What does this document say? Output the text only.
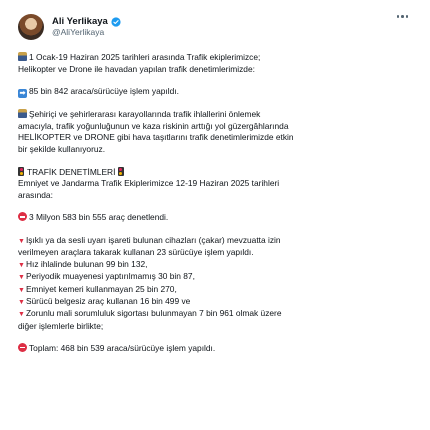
Ali Yerlikaya
@AliYerlikaya

1 Ocak-19 Haziran 2025 tarihleri arasında Trafik ekiplerimizce;
Helikopter ve Drone ile havadan yapılan trafik denetimlerimizde:

➡ 85 bin 842 araca/sürücüye işlem yapıldı.

Şehiriçi ve şehirlerarası karayollarında trafik ihlallerini önlemek
amacıyla, trafik yoğunluğunun ve kaza riskinin arttığı yol güzergâhlarında
HELİKOPTER ve DRONE gibi hava taşıtlarını trafik denetimlerimizde etkin
bir şekilde kullanıyoruz.

TRAFİK DENETİMLERİ
Emniyet ve Jandarma Trafik Ekiplerimizce 12-19 Haziran 2025 tarihleri
arasında:

3 Milyon 583 bin 555 araç denetlendi.

▼Işıklı ya da sesli uyarı işareti bulunan cihazları (çakar) mevzuatta izin
verilmeyen araçlara takarak kullanan 23 sürücüye işlem yapıldı.
▼Hız ihlalinde bulunan 99 bin 132,
▼Periyodik muayenesi yaptırılmamış 30 bin 87,
▼Emniyet kemeri kullanmayan 25 bin 270,
▼Sürücü belgesiz araç kullanan 16 bin 499 ve
▼Zorunlu mali sorumluluk sigortası bulunmayan 7 bin 961 olmak üzere
diğer işlemlerle birlikte;

Toplam: 468 bin 539 araca/sürücüye işlem yapıldı.
